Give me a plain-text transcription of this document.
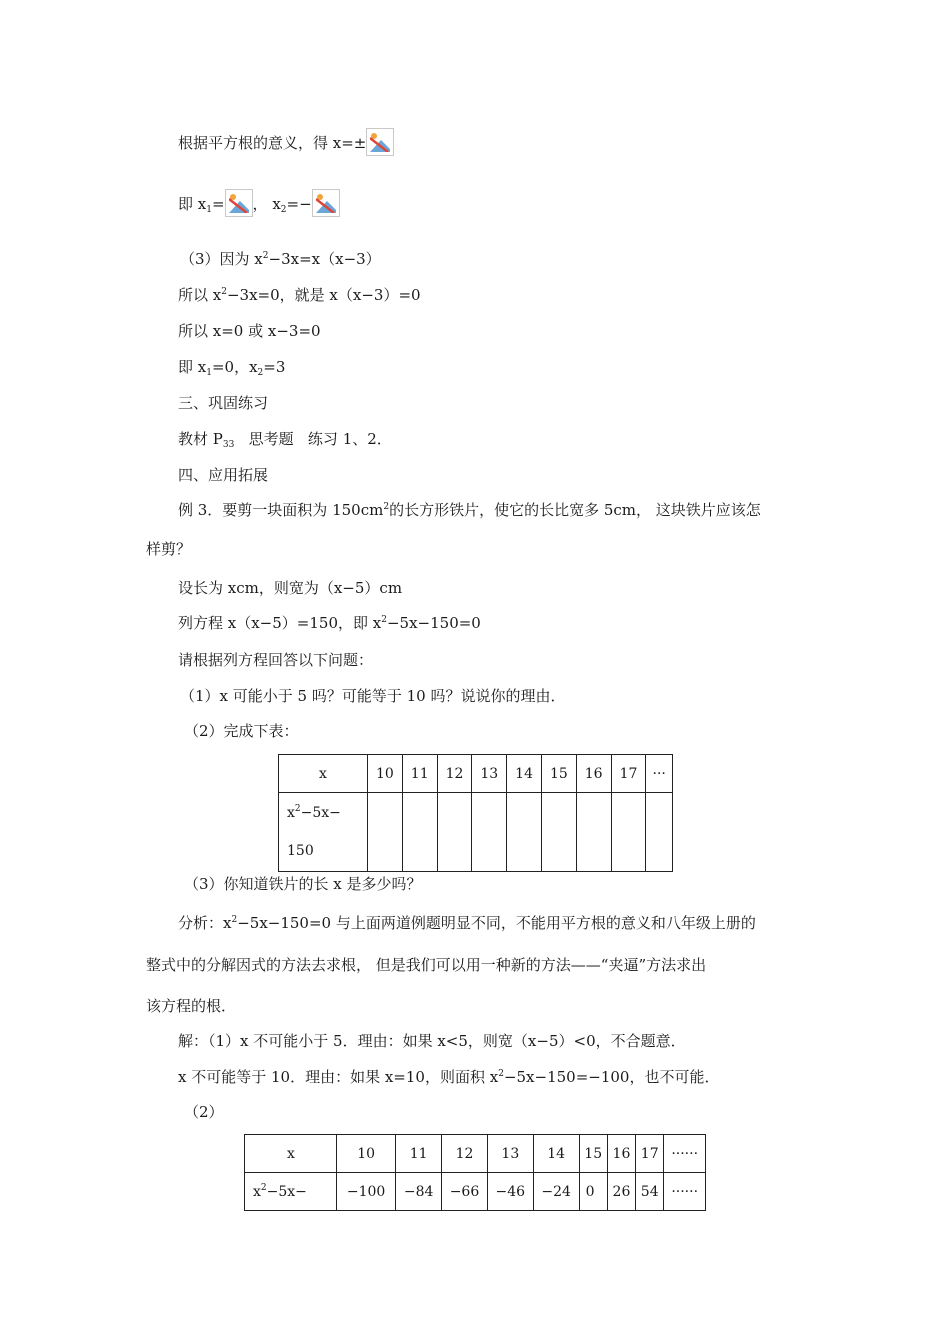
根据平方根的意义，得 x=±
即 $x_1=$ ， $x_2=-$
（3）因为 $x^2-3x=x(x-3)$
所以 $x^2-3x=0$，就是 x（x−3）=0
所以 x=0 或 x−3=0
即 $x_1=0$，$x_2=3$
三、巩固练习
教材 $P_{33}$   思考题   练习 1、2．
四、应用拓展
例 3．要剪一块面积为 $150cm^2$的长方形铁片，使它的长比宽多 5cm， 这块铁片应该怎
样剪？
设长为 xcm，则宽为（x−5）cm
列方程 x（x−5）=150，即 $x^2-5x-150=0$
请根据列方程回答以下问题：
（1）x 可能小于 5 吗？可能等于 10 吗？说说你的理由．
（2）完成下表：
x	10	11	12	13	14	15	16	17	···
$x^2-5x-$
150									
（3）你知道铁片的长 x 是多少吗？
分析：$x^2-5x-150=0$ 与上面两道例题明显不同，不能用平方根的意义和八年级上册的
整式中的分解因式的方法去求根， 但是我们可以用一种新的方法——“夹逼”方法求出
该方程的根．
解：（1）x 不可能小于 5．理由：如果 x<5，则宽（x−5）<0，不合题意．
x 不可能等于 10．理由：如果 x=10，则面积 $x^2-5x-150=-100$，也不可能．
（2）
x	10	11	12	13	14	15	16	17	······
$x^2-5x-$	−100	−84	−66	−46	−24	0	26	54	······
